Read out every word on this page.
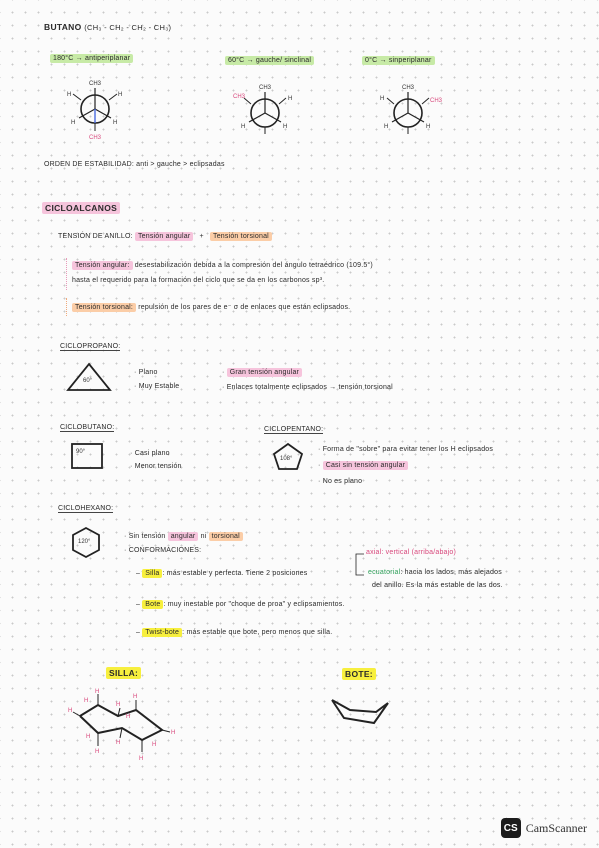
BUTANO (CH₃ - CH₂ - CH₂ - CH₃)
180°C → antiperiplanar	60°C → gauche/ sinclinal	0°C → sinperiplanar
CH3
H	H
H	H
CH3
CH3
CH3	H
H	H
CH3
H	CH3
H	H
ORDEN DE ESTABILIDAD: anti > gauche > eclipsadas
CICLOALCANOS
TENSIÓN DE ANILLO: Tensión angular + Tensión torsional
Tensión angular: desestabilización debida a la compresión del ángulo tetraédrico (109.5°)
hasta el requerido para la formación del ciclo que se da en los carbonos sp³.
Tensión torsional: repulsión de los pares de e⁻ σ de enlaces que están eclipsados.
CICLOPROPANO:
60°
· Plano
· Muy Estable
· Gran tensión angular
· Enlaces totalmente eclipsados → tensión torsional
CICLOBUTANO:
90°	· Casi plano
· Menor tensión
CICLOPENTANO:
108°
· Forma de "sobre" para evitar tener los H eclipsados
· Casi sin tensión angular
· No es plano
CICLOHEXANO:
120°
· Sin tensión angular ni torsional
· CONFORMACIONES:	axial: vertical (arriba/abajo)
– Silla : más estable y perfecta. Tiene 2 posiciones	ecuatorial: hacia los lados, más alejados
del anillo. Es la más estable de las dos.
– Bote : muy inestable por "choque de proa" y eclipsamientos.
– Twist-bote : más estable que bote, pero menos que silla.
SILLA:	BOTE:
H
H
H
H
H
H
H
H
H
H
H
H
CS CamScanner
